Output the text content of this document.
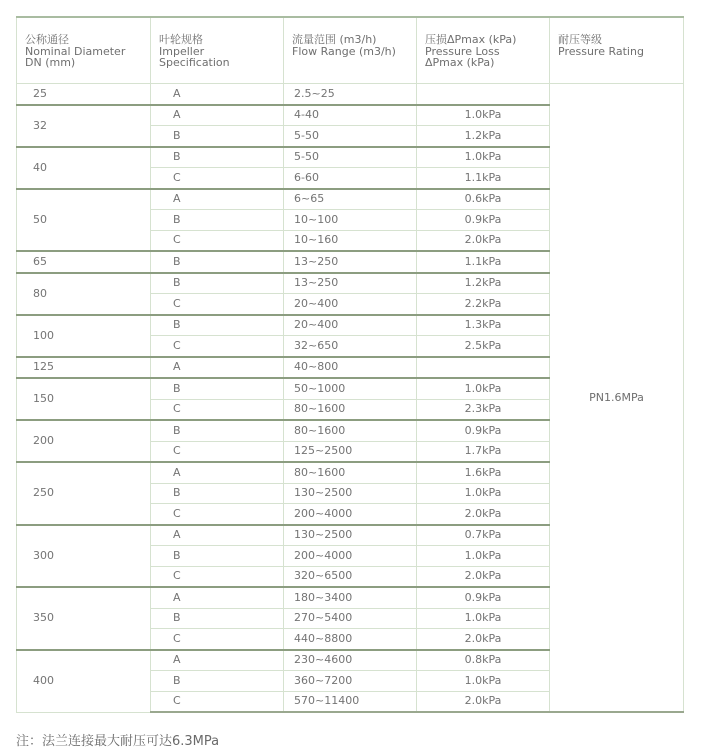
公称通径
Nominal Diameter
DN (mm)	叶轮规格
Impeller
Specification	流量范围 (m3/h)
Flow Range (m3/h)	压损ΔPmax (kPa)
Pressure Loss
ΔPmax (kPa)	耐压等级
Pressure Rating

25	A	2.5~25		PN1.6MPa
32	A	4-40	1.0kPa	
	B	5-50	1.2kPa	
40	B	5-50	1.0kPa	
	C	6-60	1.1kPa	
50	A	6~65	0.6kPa	
	B	10~100	0.9kPa	
	C	10~160	2.0kPa	
65	B	13~250	1.1kPa	
80	B	13~250	1.2kPa	
	C	20~400	2.2kPa	
100	B	20~400	1.3kPa	
	C	32~650	2.5kPa	
125	A	40~800		
150	B	50~1000	1.0kPa	
	C	80~1600	2.3kPa	
200	B	80~1600	0.9kPa	
	C	125~2500	1.7kPa	
250	A	80~1600	1.6kPa	
	B	130~2500	1.0kPa	
	C	200~4000	2.0kPa	
300	A	130~2500	0.7kPa	
	B	200~4000	1.0kPa	
	C	320~6500	2.0kPa	
350	A	180~3400	0.9kPa	
	B	270~5400	1.0kPa	
	C	440~8800	2.0kPa	
400	A	230~4600	0.8kPa	
	B	360~7200	1.0kPa	
	C	570~11400	2.0kPa	
注：法兰连接最大耐压可达6.3MPa
